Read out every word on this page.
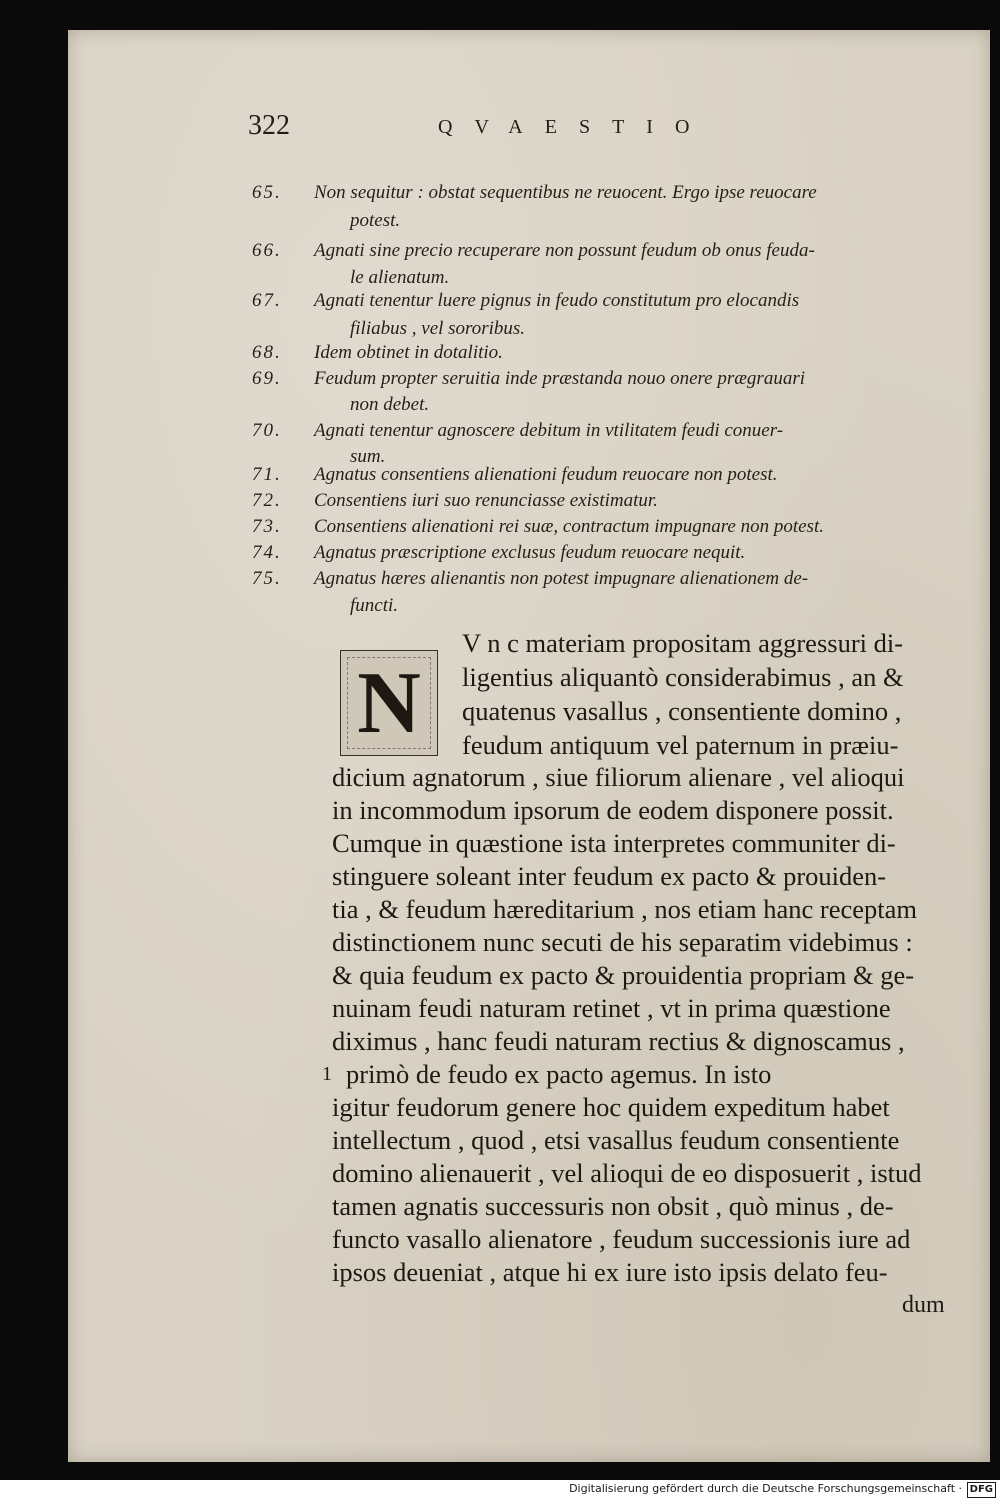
322	QVAESTIO
65. Non sequitur : obstat sequentibus ne reuocent. Ergo ipse reuocare
potest.
66. Agnati sine precio recuperare non possunt feudum ob onus feuda-
le alienatum.
67. Agnati tenentur luere pignus in feudo constitutum pro elocandis
filiabus , vel sororibus.
68. Idem obtinet in dotalitio.
69. Feudum propter seruitia inde præstanda nouo onere prægrauari
non debet.
70. Agnati tenentur agnoscere debitum in vtilitatem feudi conuer-
sum.
71. Agnatus consentiens alienationi feudum reuocare non potest.
72. Consentiens iuri suo renunciasse existimatur.
73. Consentiens alienationi rei suæ, contractum impugnare non potest.
74. Agnatus præscriptione exclusus feudum reuocare nequit.
75. Agnatus hæres alienantis non potest impugnare alienationem de-
functi.
N
V n c materiam propositam aggressuri di-
ligentius aliquantò considerabimus , an &
quatenus vasallus , consentiente domino ,
feudum antiquum vel paternum in præiu-
dicium agnatorum , siue filiorum alienare , vel alioqui
in incommodum ipsorum de eodem disponere possit.
Cumque in quæstione ista interpretes communiter di-
stinguere soleant inter feudum ex pacto & prouiden-
tia , & feudum hæreditarium , nos etiam hanc receptam
distinctionem nunc secuti de his separatim videbimus :
& quia feudum ex pacto & prouidentia propriam & ge-
nuinam feudi naturam retinet , vt in prima quæstione
diximus , hanc feudi naturam rectius & dignoscamus ,
primò de feudo ex pacto agemus. In isto
igitur feudorum genere hoc quidem expeditum habet
intellectum , quod , etsi vasallus feudum consentiente
domino alienauerit , vel alioqui de eo disposuerit , istud
tamen agnatis successuris non obsit , quò minus , de-
functo vasallo alienatore , feudum successionis iure ad
ipsos deueniat , atque hi ex iure isto ipsis delato feu-
1
dum
Digitalisierung gefördert durch die Deutsche Forschungsgemeinschaft · DFG
